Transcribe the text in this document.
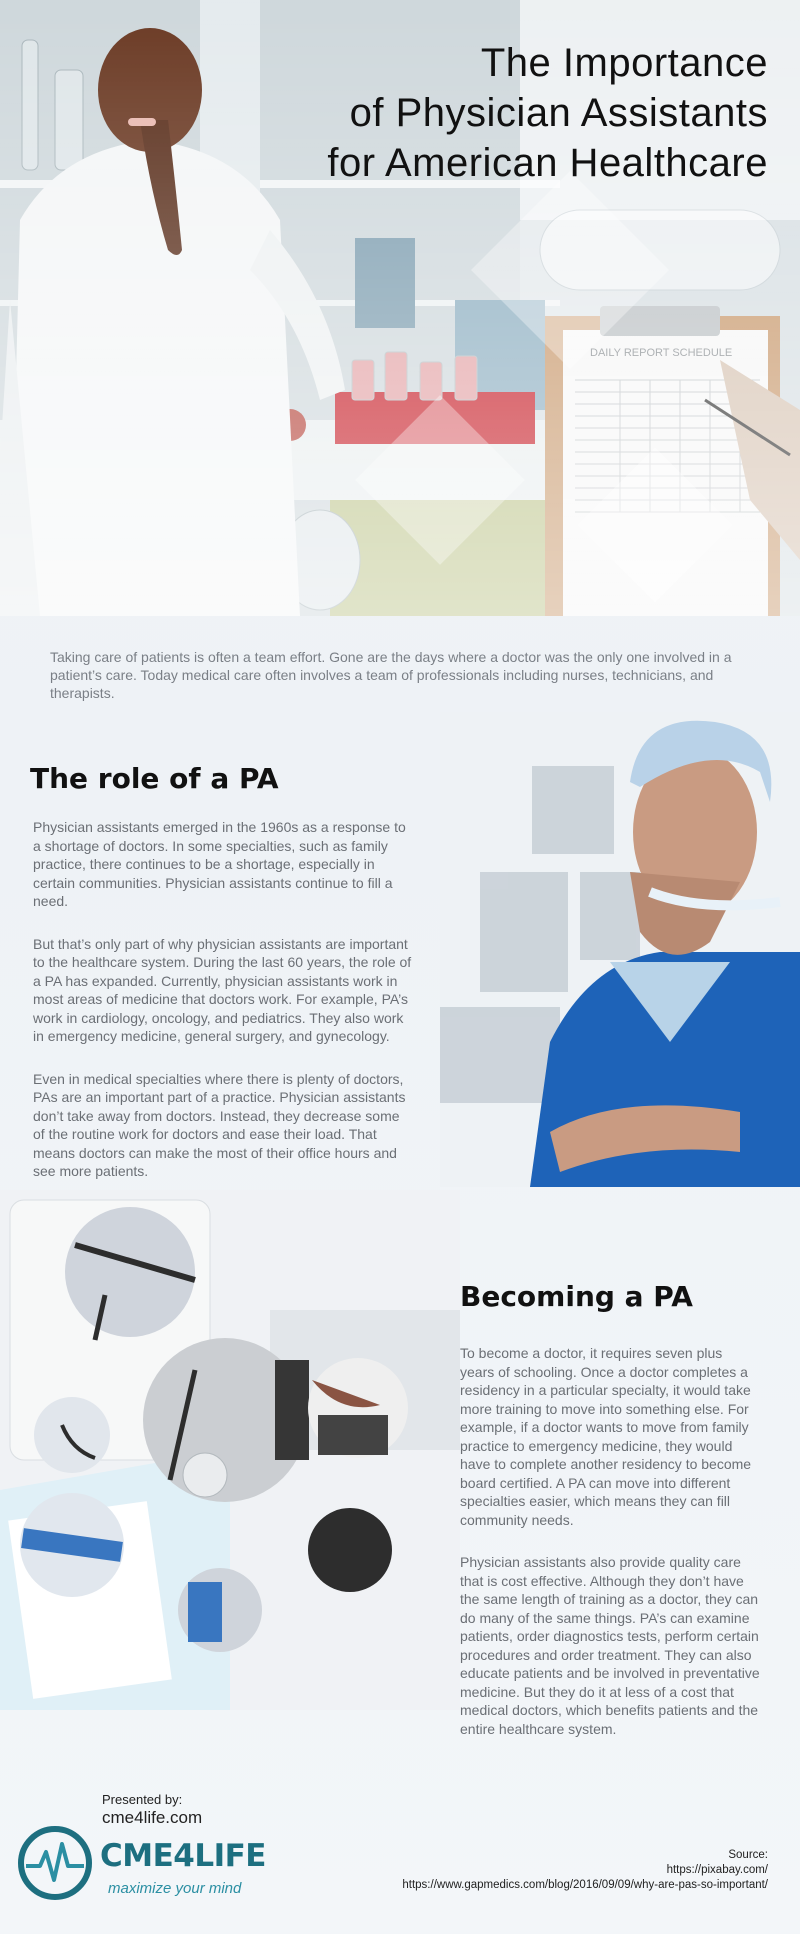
The Importance
of Physician Assistants
for American Healthcare
Taking care of patients is often a team effort. Gone are the days where a doctor was the only one involved in a patient’s care. Today medical care often involves a team of professionals including nurses, technicians, and therapists.
The role of a PA

Physician assistants emerged in the 1960s as a response to a shortage of doctors. In some specialties, such as family practice, there continues to be a shortage, especially in certain communities. Physician assistants continue to fill a need.

But that’s only part of why physician assistants are important to the healthcare system. During the last 60 years, the role of a PA has expanded. Currently, physician assistants work in most areas of medicine that doctors work. For example, PA’s work in cardiology, oncology, and pediatrics. They also work in emergency medicine, general surgery, and gynecology.

Even in medical specialties where there is plenty of doctors, PAs are an important part of a practice. Physician assistants don’t take away from doctors. Instead, they decrease some of the routine work for doctors and ease their load. That means doctors can make the most of their office hours and see more patients.

Becoming a PA

To become a doctor, it requires seven plus years of schooling. Once a doctor completes a residency in a particular specialty, it would take more training to move into something else. For example, if a doctor wants to move from family practice to emergency medicine, they would have to complete another residency to become board certified. A PA can move into different specialties easier, which means they can fill community needs.

Physician assistants also provide quality care that is cost effective. Although they don’t have the same length of training as a doctor, they can do many of the same things. PA’s can examine patients, order diagnostics tests, perform certain procedures and order treatment. They can also educate patients and be involved in preventative medicine. But they do it at less of a cost that medical doctors, which benefits patients and the entire healthcare system.

Presented by:
cme4life.com
CME4LIFE
maximize your mind
Source:
https://pixabay.com/
https://www.gapmedics.com/blog/2016/09/09/why-are-pas-so-important/
